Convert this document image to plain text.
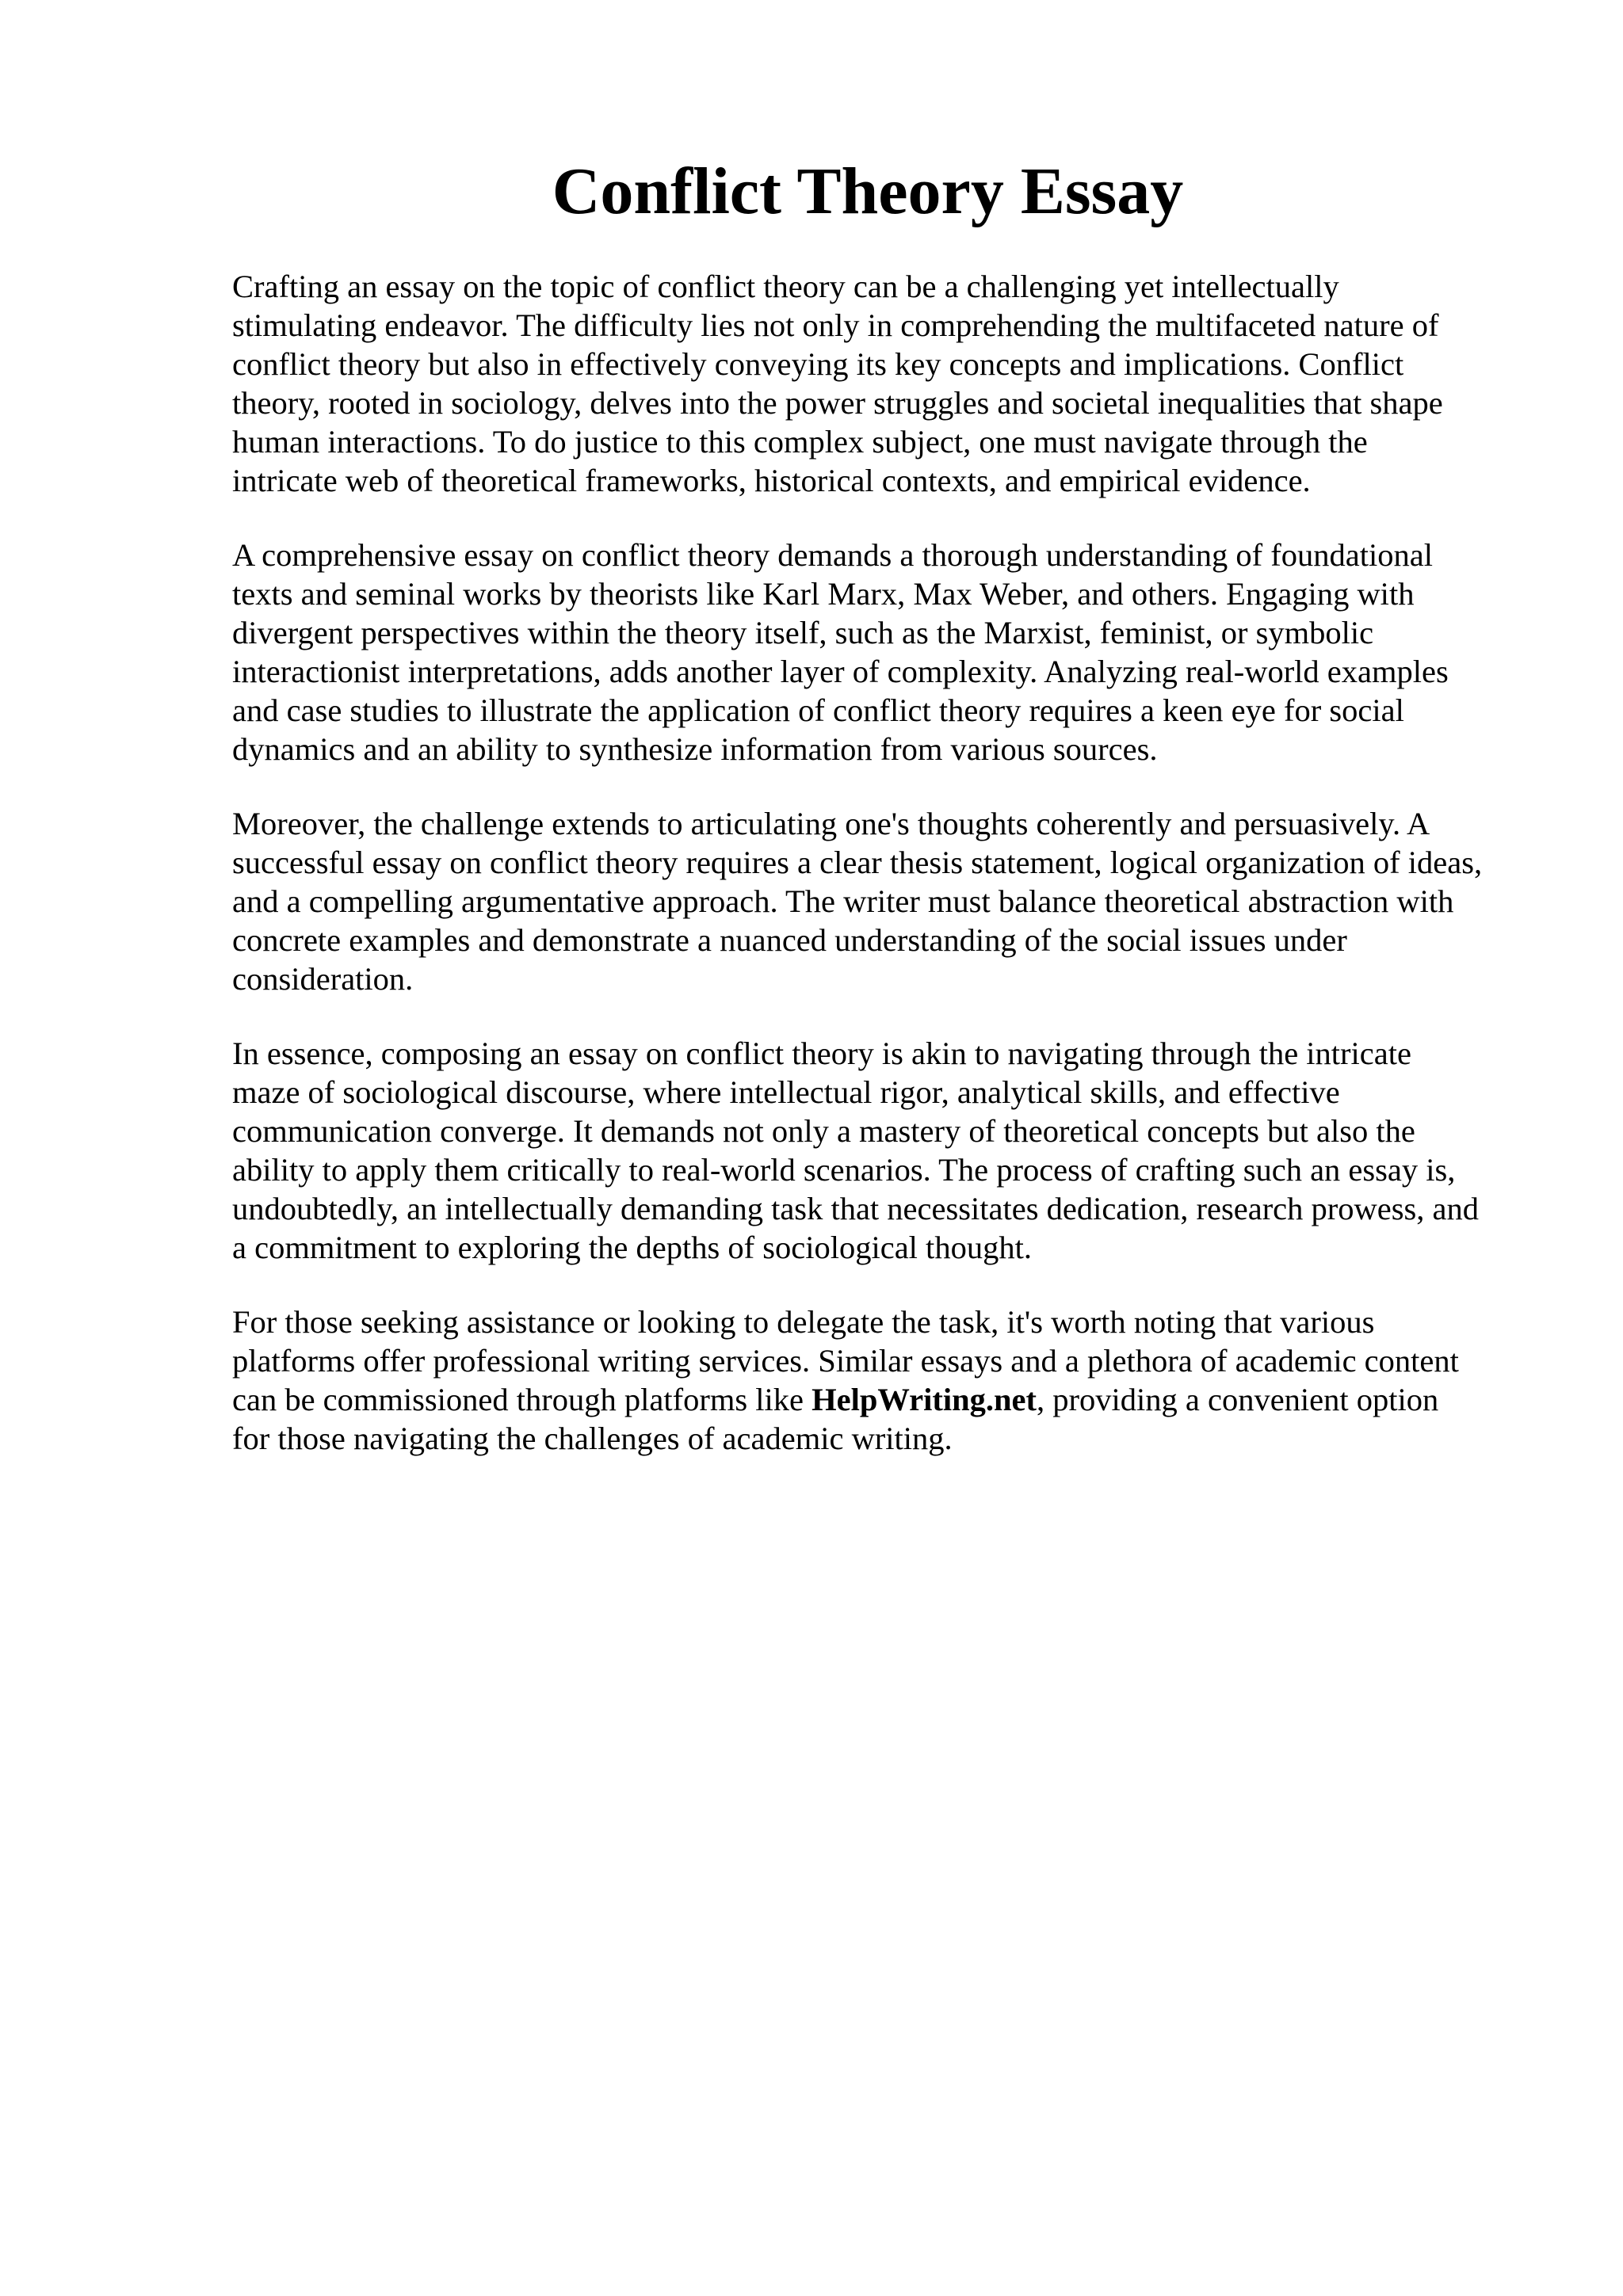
Conflict Theory Essay

Crafting an essay on the topic of conflict theory can be a challenging yet intellectually
stimulating endeavor. The difficulty lies not only in comprehending the multifaceted nature of
conflict theory but also in effectively conveying its key concepts and implications. Conflict
theory, rooted in sociology, delves into the power struggles and societal inequalities that shape
human interactions. To do justice to this complex subject, one must navigate through the
intricate web of theoretical frameworks, historical contexts, and empirical evidence.

A comprehensive essay on conflict theory demands a thorough understanding of foundational
texts and seminal works by theorists like Karl Marx, Max Weber, and others. Engaging with
divergent perspectives within the theory itself, such as the Marxist, feminist, or symbolic
interactionist interpretations, adds another layer of complexity. Analyzing real-world examples
and case studies to illustrate the application of conflict theory requires a keen eye for social
dynamics and an ability to synthesize information from various sources.

Moreover, the challenge extends to articulating one's thoughts coherently and persuasively. A
successful essay on conflict theory requires a clear thesis statement, logical organization of ideas,
and a compelling argumentative approach. The writer must balance theoretical abstraction with
concrete examples and demonstrate a nuanced understanding of the social issues under
consideration.

In essence, composing an essay on conflict theory is akin to navigating through the intricate
maze of sociological discourse, where intellectual rigor, analytical skills, and effective
communication converge. It demands not only a mastery of theoretical concepts but also the
ability to apply them critically to real-world scenarios. The process of crafting such an essay is,
undoubtedly, an intellectually demanding task that necessitates dedication, research prowess, and
a commitment to exploring the depths of sociological thought.

For those seeking assistance or looking to delegate the task, it's worth noting that various
platforms offer professional writing services. Similar essays and a plethora of academic content
can be commissioned through platforms like HelpWriting.net, providing a convenient option
for those navigating the challenges of academic writing.
